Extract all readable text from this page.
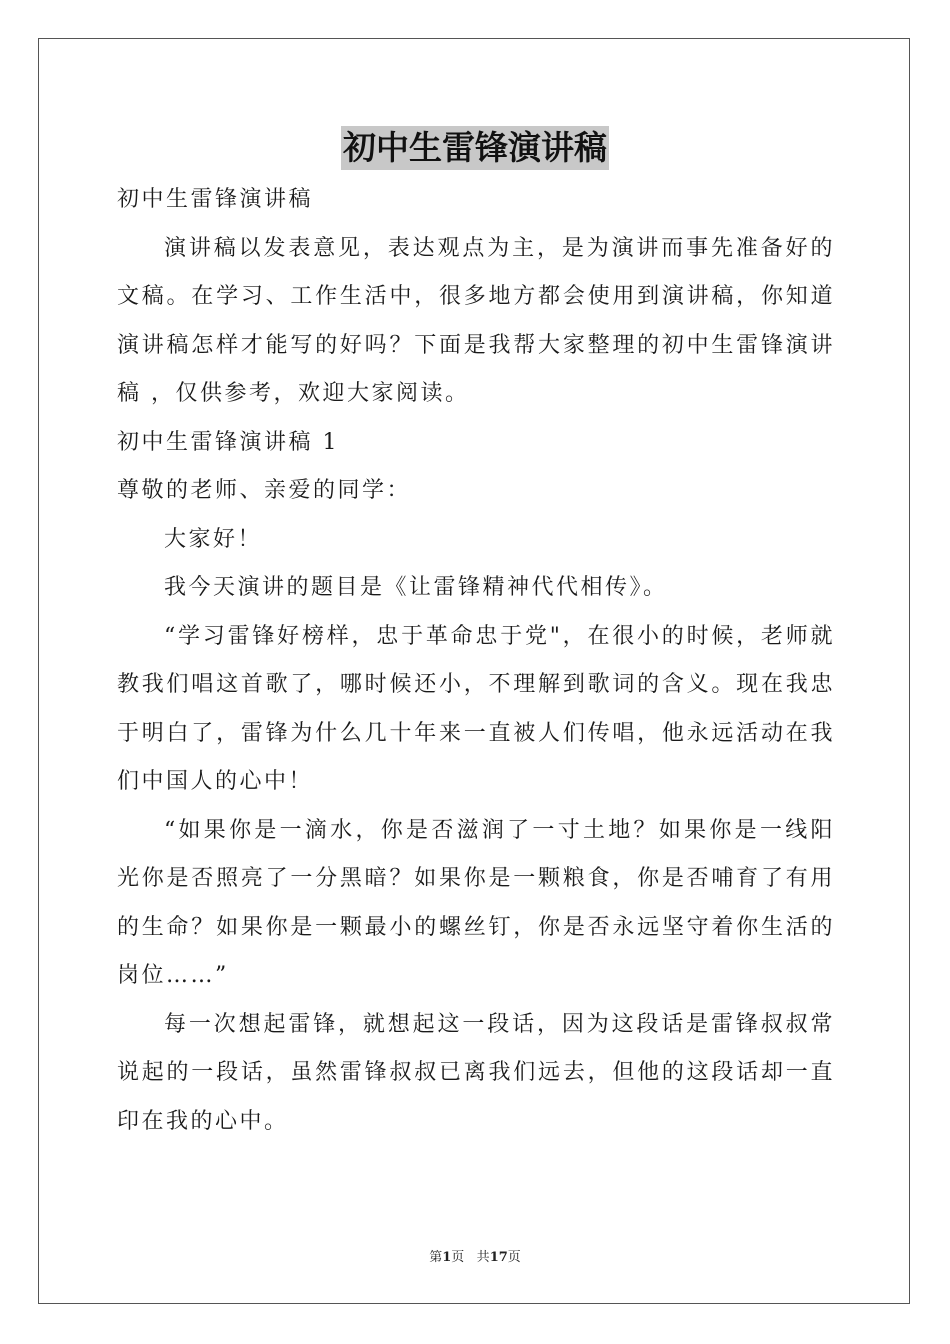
初中生雷锋演讲稿

初中生雷锋演讲稿

演讲稿以发表意见，表达观点为主，是为演讲而事先准备好的文稿。在学习、工作生活中，很多地方都会使用到演讲稿，你知道演讲稿怎样才能写的好吗？下面是我帮大家整理的初中生雷锋演讲稿 ，仅供参考，欢迎大家阅读。

初中生雷锋演讲稿 1

尊敬的老师、亲爱的同学：

大家好！

我今天演讲的题目是《让雷锋精神代代相传》。

“学习雷锋好榜样，忠于革命忠于党"，在很小的时候，老师就教我们唱这首歌了，哪时候还小，不理解到歌词的含义。现在我忠于明白了，雷锋为什么几十年来一直被人们传唱，他永远活动在我们中国人的心中！

“如果你是一滴水，你是否滋润了一寸土地？如果你是一线阳光你是否照亮了一分黑暗？如果你是一颗粮食，你是否哺育了有用的生命？如果你是一颗最小的螺丝钉，你是否永远坚守着你生活的岗位……”

每一次想起雷锋，就想起这一段话，因为这段话是雷锋叔叔常说起的一段话，虽然雷锋叔叔已离我们远去，但他的这段话却一直印在我的心中。

第1页 共17页
